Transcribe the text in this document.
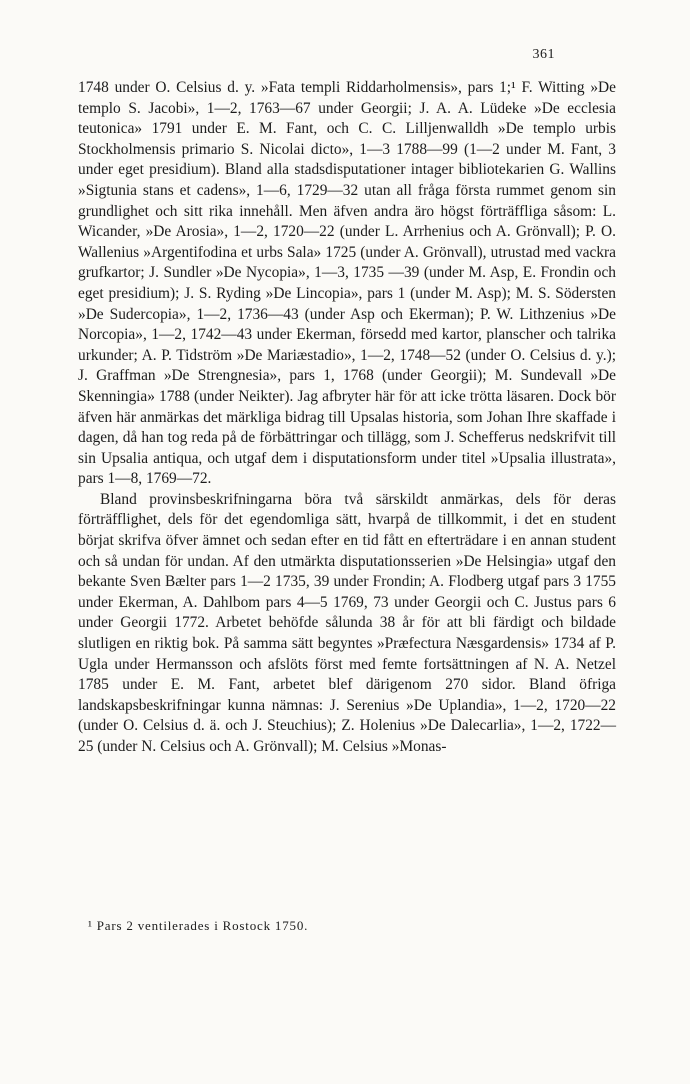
361

1748 under O. Celsius d. y. »Fata templi Riddarholmensis», pars 1;¹ F. Witting »De templo S. Jacobi», 1—2, 1763—67 under Georgii; J. A. A. Lüdeke »De ecclesia teutonica» 1791 under E. M. Fant, och C. C. Lilljenwalldh »De templo urbis Stockholmensis primario S. Nicolai dicto», 1—3 1788—99 (1—2 under M. Fant, 3 under eget presidium). Bland alla stadsdisputationer intager bibliotekarien G. Wallins »Sigtunia stans et cadens», 1—6, 1729—32 utan all fråga första rummet genom sin grundlighet och sitt rika innehåll. Men äfven andra äro högst förträffliga såsom: L. Wicander, »De Arosia», 1—2, 1720—22 (under L. Arrhenius och A. Grönvall); P. O. Wallenius »Argentifodina et urbs Sala» 1725 (under A. Grönvall), utrustad med vackra grufkartor; J. Sundler »De Nycopia», 1—3, 1735 —39 (under M. Asp, E. Frondin och eget presidium); J. S. Ryding »De Lincopia», pars 1 (under M. Asp); M. S. Södersten »De Sudercopia», 1—2, 1736—43 (under Asp och Ekerman); P. W. Lithzenius »De Norcopia», 1—2, 1742—43 under Ekerman, försedd med kartor, planscher och talrika urkunder; A. P. Tidström »De Mariæstadio», 1—2, 1748—52 (under O. Celsius d. y.); J. Graffman »De Strengnesia», pars 1, 1768 (under Georgii); M. Sundevall »De Skenningia» 1788 (under Neikter). Jag afbryter här för att icke trötta läsaren. Dock bör äfven här anmärkas det märkliga bidrag till Upsalas historia, som Johan Ihre skaffade i dagen, då han tog reda på de förbättringar och tillägg, som J. Schefferus nedskrifvit till sin Upsalia antiqua, och utgaf dem i disputationsform under titel »Upsalia illustrata», pars 1—8, 1769—72.

Bland provinsbeskrifningarna böra två särskildt anmärkas, dels för deras förträfflighet, dels för det egendomliga sätt, hvarpå de tillkommit, i det en student börjat skrifva öfver ämnet och sedan efter en tid fått en efterträdare i en annan student och så undan för undan. Af den utmärkta disputationsserien »De Helsingia» utgaf den bekante Sven Bælter pars 1—2 1735, 39 under Frondin; A. Flodberg utgaf pars 3 1755 under Ekerman, A. Dahlbom pars 4—5 1769, 73 under Georgii och C. Justus pars 6 under Georgii 1772. Arbetet behöfde sålunda 38 år för att bli färdigt och bildade slutligen en riktig bok. På samma sätt begyntes »Præfectura Næsgardensis» 1734 af P. Ugla under Hermansson och afslöts först med femte fortsättningen af N. A. Netzel 1785 under E. M. Fant, arbetet blef därigenom 270 sidor. Bland öfriga landskapsbeskrifningar kunna nämnas: J. Serenius »De Uplandia», 1—2, 1720—22 (under O. Celsius d. ä. och J. Steuchius); Z. Holenius »De Dalecarlia», 1—2, 1722—25 (under N. Celsius och A. Grönvall); M. Celsius »Monas-

¹ Pars 2 ventilerades i Rostock 1750.
